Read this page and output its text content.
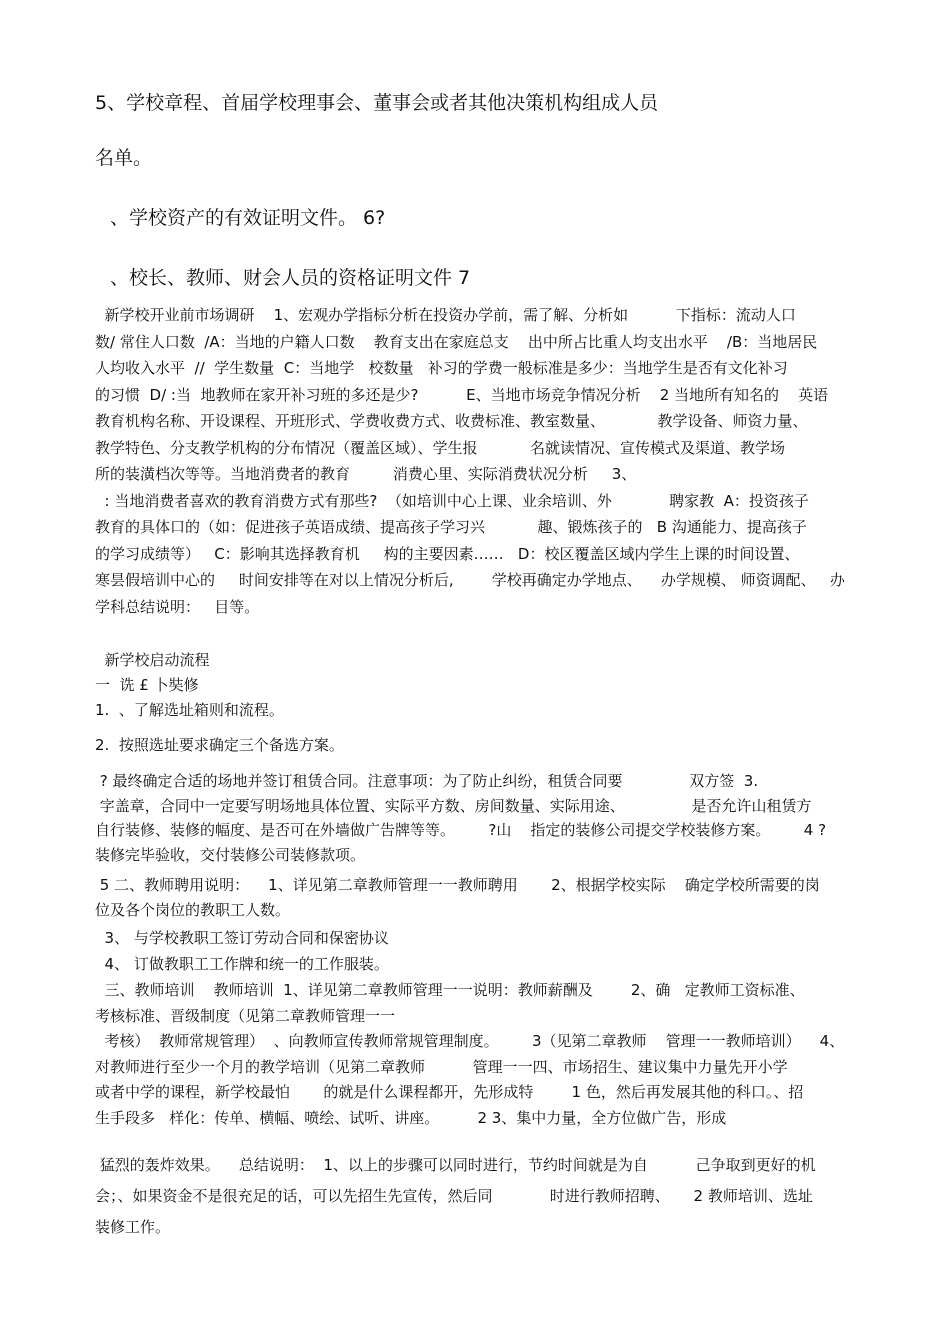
5、学校章程、首届学校理事会、董事会或者其他决策机构组成人员
名单。
、学校资产的有效证明文件。 6?
、校长、教师、财会人员的资格证明文件 7
新学校开业前市场调研    1、宏观办学指标分析在投资办学前，需了解、分析如          下指标：流动人口
数/ 常住人口数  /A：当地的户籍人口数    教育支出在家庭总支    出中所占比重人均支出水平    /B：当地居民
人均收入水平  //  学生数量  C：当地学   校数量   补习的学费一般标准是多少：当地学生是否有文化补习
的习惯  D/ :当  地教师在家开补习班的多还是少?          E、当地市场竞争情况分析    2 当地所有知名的    英语
教育机构名称、开设课程、开班形式、学费收费方式、收费标准、教室数量、           教学设备、师资力量、
教学特色、分支教学机构的分布情况（覆盖区域）、学生报           名就读情况、宣传模式及渠道、教学场
所的装潢档次等等。当地消费者的教育         消费心里、实际消费状况分析     3、
: 当地消费者喜欢的教育消费方式有那些?  （如培训中心上课、业余培训、外            聘家教  A：投资孩子
教育的具体口的（如：促进孩子英语成绩、提高孩子学习兴           趣、锻炼孩子的   B 沟通能力、提高孩子
的学习成绩等）   C：影响其选择教育机     构的主要因素……   D：校区覆盖区域内学生上课的时间设置、
寒昙假培训中心的     时间安排等在对以上情况分析后,        学校再确定办学地点、    办学规模、 师资调配、   办
学科总结说明：   目等。
新学校启动流程
一  诜 £ 卜奘修
1.  、了解选址箱则和流程。
2.  按照选址要求确定三个备选方案。
? 最终确定合适的场地并签订租赁合同。注意事项：为了防止纠纷，租赁合同要              双方签  3.
字盖章，合同中一定要写明场地具体位置、实际平方数、房间数量、实际用途、              是否允许山租赁方
自行装修、装修的幅度、是否可在外墙做广告牌等等。       ?山    指定的装修公司提交学校装修方案。       4 ?
装修完毕验收，交付装修公司装修款项。
5 二、教师聘用说明：    1、详见第二章教师管理一一教师聘用       2、根据学校实际    确定学校所需要的岗
位及各个岗位的教职工人数。
3、 与学校教职工签订劳动合同和保密协议
4、 订做教职工工作牌和统一的工作服装。
三、教师培训    教师培训  1、详见第二章教师管理一一说明：教师薪酬及        2、确   定教师工资标准、
考核标准、晋级制度（见第二章教师管理一一
考核）  教师常规管理）  、向教师宣传教师常规管理制度。       3（见第二章教师    管理一一教师培训）    4、
对教师进行至少一个月的教学培训（见第二章教师          管理一一四、市场招生、建议集中力量先开小学
或者中学的课程，新学校最怕       的就是什么课程都开，先形成特        1 色，然后再发展其他的科口。、招
生手段多   样化：传单、横幅、喷绘、试听、讲座。        2 3、集中力量，全方位做广告，形成
猛烈的轰炸效果。    总结说明：  1、以上的步骤可以同时进行，节约时间就是为自          己争取到更好的机
会；、如果资金不是很充足的话，可以先招生先宣传，然后同            时进行教师招聘、     2 教师培训、选址
装修工作。
